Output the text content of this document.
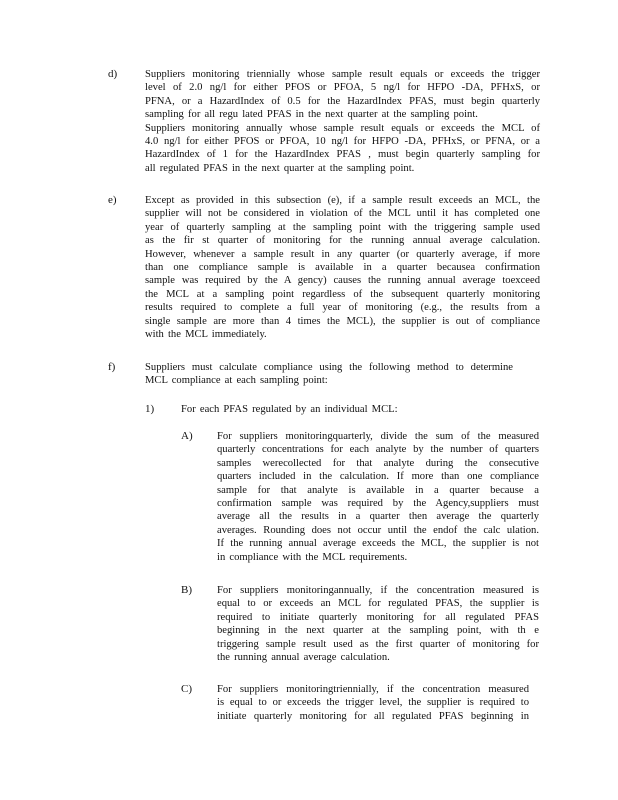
d)	Suppliers monitoring triennially whose sample result equals or exceeds the trigger
level of 2.0 ng/l for either PFOS or PFOA, 5 ng/l for HFPO -DA, PFHxS, or
PFNA, or a HazardIndex of 0.5 for the HazardIndex PFAS, must begin quarterly
sampling for all regu lated PFAS in the next quarter at the sampling point.
Suppliers monitoring annually whose sample result equals or exceeds the MCL of
4.0 ng/l for either PFOS or PFOA, 10 ng/l for HFPO -DA, PFHxS, or PFNA, or a
HazardIndex of 1 for the HazardIndex PFAS , must begin quarterly sampling for
all regulated PFAS in the next quarter at the sampling point.
e)	Except as provided in this subsection (e), if a sample result exceeds an MCL, the
supplier will not be considered in violation of the MCL until it has completed one
year of quarterly sampling at the sampling point with the triggering sample used
as the fir st quarter of monitoring for the running annual average calculation.
However, whenever a sample result in any quarter (or quarterly average, if more
than one compliance sample is available in a quarter becausea confirmation
sample was required by the A gency) causes the running annual average toexceed
the MCL at a sampling point regardless of the subsequent quarterly monitoring
results required to complete a full year of monitoring (e.g., the results from a
single sample are more than 4 times the MCL), the supplier is out of compliance
with the MCL immediately.
f)	Suppliers must calculate compliance using the following method to determine
MCL compliance at each sampling point:
1)	For each PFAS regulated by an individual MCL:
A) For suppliers monitoringquarterly, divide the sum of the measured
quarterly concentrations for each analyte by the number of quarters
samples werecollected for that analyte during the consecutive
quarters included in the calculation. If more than one compliance
sample for that analyte is available in a quarter because a
confirmation sample was required by the Agency,suppliers must
average all the results in a quarter then average the quarterly
averages. Rounding does not occur until the endof the calc ulation.
If the running annual average exceeds the MCL, the supplier is not
in compliance with the MCL requirements.
B) For suppliers monitoringannually, if the concentration measured is
equal to or exceeds an MCL for regulated PFAS, the supplier is
required to initiate quarterly monitoring for all regulated PFAS
beginning in the next quarter at the sampling point, with th e
triggering sample result used as the first quarter of monitoring for
the running annual average calculation.
C) For suppliers monitoringtriennially, if the concentration measured
is equal to or exceeds the trigger level, the supplier is required to
initiate quarterly monitoring for all regulated PFAS beginning in
